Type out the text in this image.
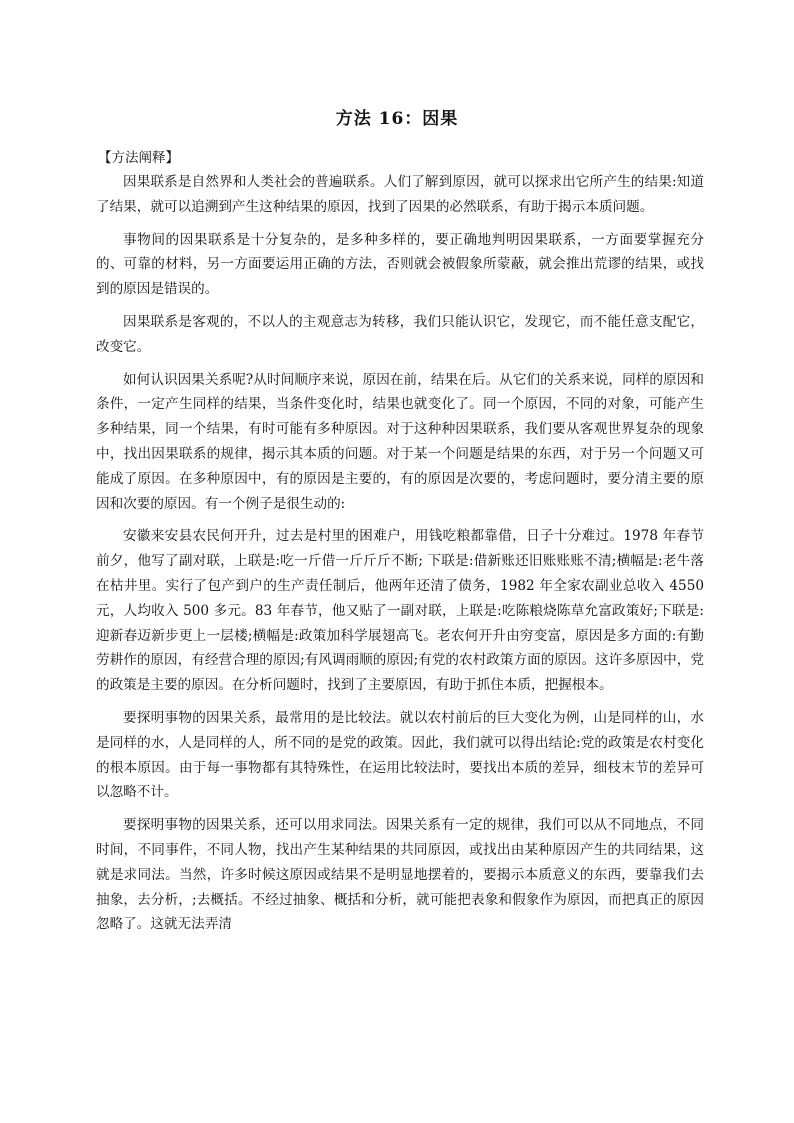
方法 16：因果

【方法阐释】

因果联系是自然界和人类社会的普遍联系。人们了解到原因，就可以探求出它所产生的结果:知道了结果，就可以追溯到产生这种结果的原因，找到了因果的必然联系，有助于揭示本质问题。

事物间的因果联系是十分复杂的，是多种多样的，要正确地判明因果联系，一方面要掌握充分的、可靠的材料，另一方面要运用正确的方法，否则就会被假象所蒙蔽，就会推出荒谬的结果，或找到的原因是错误的。

因果联系是客观的，不以人的主观意志为转移，我们只能认识它，发现它，而不能任意支配它，改变它。

如何认识因果关系呢?从时间顺序来说，原因在前，结果在后。从它们的关系来说，同样的原因和条件，一定产生同样的结果，当条件变化时，结果也就变化了。同一个原因，不同的对象，可能产生多种结果，同一个结果，有时可能有多种原因。对于这种种因果联系，我们要从客观世界复杂的现象中，找出因果联系的规律，揭示其本质的问题。对于某一个问题是结果的东西，对于另一个问题又可能成了原因。在多种原因中，有的原因是主要的，有的原因是次要的，考虑问题时，要分清主要的原因和次要的原因。有一个例子是很生动的:

安徽来安县农民何开升，过去是村里的困难户，用钱吃粮都靠借，日子十分难过。1978 年春节前夕，他写了副对联，上联是:吃一斤借一斤斤斤不断; 下联是:借新账还旧账账账不清;横幅是:老牛落在枯井里。实行了包产到户的生产责任制后，他两年还清了债务，1982 年全家农副业总收入 4550 元，人均收入 500 多元。83 年春节，他又贴了一副对联，上联是:吃陈粮烧陈草允富政策好;下联是:迎新春迈新步更上一层楼;横幅是:政策加科学展翅高飞。老农何开升由穷变富，原因是多方面的:有勤劳耕作的原因，有经营合理的原因;有风调雨顺的原因;有党的农村政策方面的原因。这许多原因中，党的政策是主要的原因。在分析问题时，找到了主要原因，有助于抓住本质，把握根本。

要探明事物的因果关系，最常用的是比较法。就以农村前后的巨大变化为例，山是同样的山，水是同样的水，人是同样的人，所不同的是党的政策。因此，我们就可以得出结论:党的政策是农村变化的根本原因。由于每一事物都有其特殊性，在运用比较法时，要找出本质的差异，细枝末节的差异可以忽略不计。

要探明事物的因果关系，还可以用求同法。因果关系有一定的规律，我们可以从不同地点，不同时间，不同事件，不同人物，找出产生某种结果的共同原因，或找出由某种原因产生的共同结果，这就是求同法。当然，许多时候这原因或结果不是明显地摆着的，要揭示本质意义的东西，要靠我们去抽象，去分析，;去概括。不经过抽象、概括和分析，就可能把表象和假象作为原因，而把真正的原因忽略了。这就无法弄清
